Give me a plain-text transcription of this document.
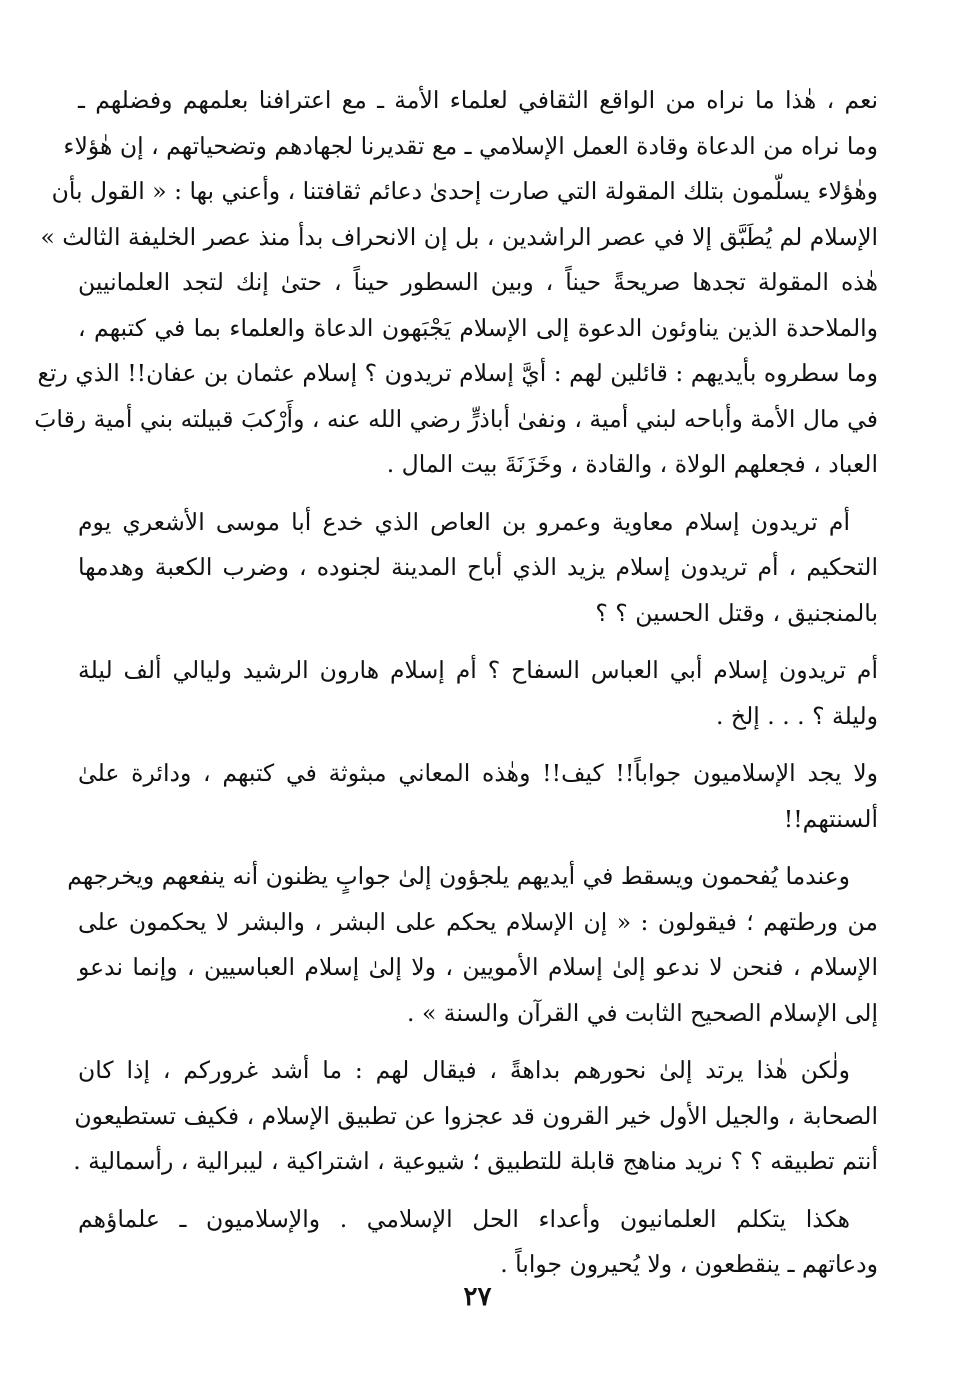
نعم ، هٰذا ما نراه من الواقع الثقافي لعلماء الأمة ـ مع اعترافنا بعلمهم وفضلهم ـ
وما نراه من الدعاة وقادة العمل الإسلامي ـ مع تقديرنا لجهادهم وتضحياتهم ، إن هٰؤلاء
وهٰؤلاء يسلّمون بتلك المقولة التي صارت إحدىٰ دعائم ثقافتنا ، وأعني بها : « القول بأن
الإسلام لم يُطَبَّق إلا في عصر الراشدين ، بل إن الانحراف بدأ منذ عصر الخليفة الثالث »
هٰذه المقولة تجدها صريحةً حيناً ، وبين السطور حيناً ، حتىٰ إنك لتجد العلمانيين
والملاحدة الذين يناوئون الدعوة إلى الإسلام يَجْبَهون الدعاة والعلماء بما في كتبهم ،
وما سطروه بأيديهم : قائلين لهم : أيَّ إسلام تريدون ؟ إسلام عثمان بن عفان!! الذي رتع
في مال الأمة وأباحه لبني أمية ، ونفىٰ أباذرٍّ رضي الله عنه ، وأَرْكبَ قبيلته بني أمية رقابَ
العباد ، فجعلهم الولاة ، والقادة ، وخَزَنَةَ بيت المال .
أم تريدون إسلام معاوية وعمرو بن العاص الذي خدع أبا موسى الأشعري يوم
التحكيم ، أم تريدون إسلام يزيد الذي أباح المدينة لجنوده ، وضرب الكعبة وهدمها
بالمنجنيق ، وقتل الحسين ؟ ؟
أم تريدون إسلام أبي العباس السفاح ؟ أم إسلام هارون الرشيد وليالي ألف ليلة
وليلة ؟ . . . إلخ .
ولا يجد الإسلاميون جواباً!! كيف!! وهٰذه المعاني مبثوثة في كتبهم ، ودائرة علىٰ
ألسنتهم!!
وعندما يُفحمون ويسقط في أيديهم يلجؤون إلىٰ جوابٍ يظنون أنه ينفعهم ويخرجهم
من ورطتهم ؛ فيقولون : « إن الإسلام يحكم على البشر ، والبشر لا يحكمون على
الإسلام ، فنحن لا ندعو إلىٰ إسلام الأمويين ، ولا إلىٰ إسلام العباسيين ، وإنما ندعو
إلى الإسلام الصحيح الثابت في القرآن والسنة » .
ولٰكن هٰذا يرتد إلىٰ نحورهم بداهةً ، فيقال لهم : ما أشد غروركم ، إذا كان
الصحابة ، والجيل الأول خير القرون قد عجزوا عن تطبيق الإسلام ، فكيف تستطيعون
أنتم تطبيقه ؟ ؟ نريد مناهج قابلة للتطبيق ؛ شيوعية ، اشتراكية ، ليبرالية ، رأسمالية .
هكذا يتكلم العلمانيون وأعداء الحل الإسلامي . والإسلاميون ـ علماؤهم
ودعاتهم ـ ينقطعون ، ولا يُحيرون جواباً .
٢٧
